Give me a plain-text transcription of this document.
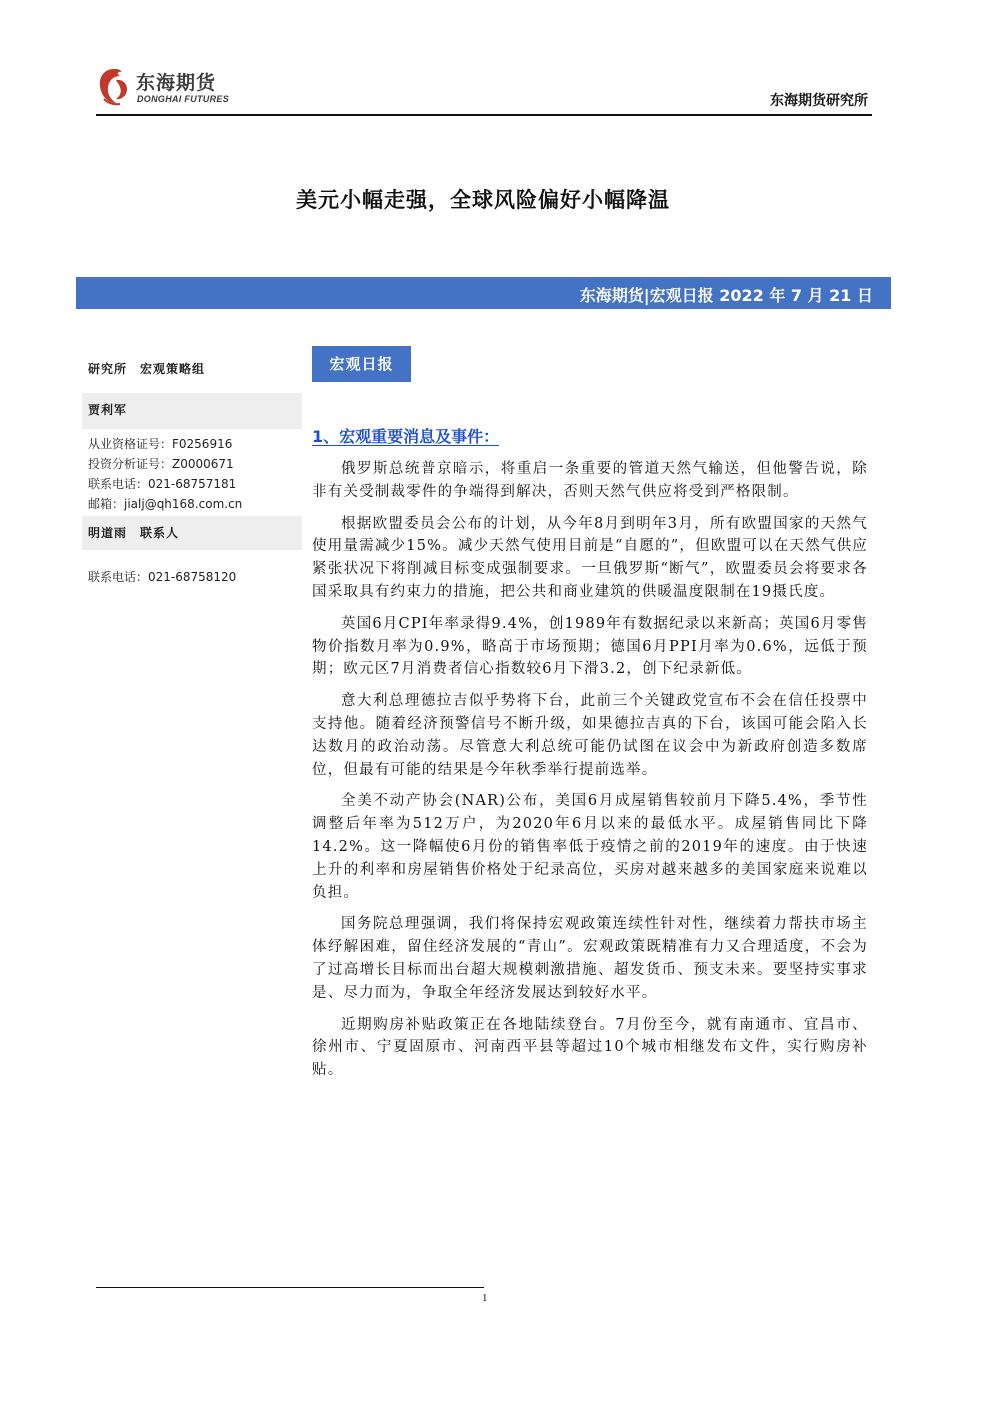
东海期货
DONGHAI FUTURES	东海期货研究所
美元小幅走强，全球风险偏好小幅降温
东海期货|宏观日报 2022 年 7 月 21 日
研究所　宏观策略组
贾利军
从业资格证号：F0256916
投资分析证号：Z0000671
联系电话：021-68757181
邮箱：jialj@qh168.com.cn
明道雨　联系人
联系电话：021-68758120
宏观日报
1、宏观重要消息及事件：

俄罗斯总统普京暗示，将重启一条重要的管道天然气输送，但他警告说，除非有关受制裁零件的争端得到解决，否则天然气供应将受到严格限制。

根据欧盟委员会公布的计划，从今年8月到明年3月，所有欧盟国家的天然气使用量需减少15%。减少天然气使用目前是“自愿的”，但欧盟可以在天然气供应紧张状况下将削减目标变成强制要求。一旦俄罗斯“断气”，欧盟委员会将要求各国采取具有约束力的措施，把公共和商业建筑的供暖温度限制在19摄氏度。

英国6月CPI年率录得9.4%，创1989年有数据纪录以来新高；英国6月零售物价指数月率为0.9%，略高于市场预期；德国6月PPI月率为0.6%，远低于预期；欧元区7月消费者信心指数较6月下滑3.2，创下纪录新低。

意大利总理德拉吉似乎势将下台，此前三个关键政党宣布不会在信任投票中支持他。随着经济预警信号不断升级，如果德拉吉真的下台，该国可能会陷入长达数月的政治动荡。尽管意大利总统可能仍试图在议会中为新政府创造多数席位，但最有可能的结果是今年秋季举行提前选举。

全美不动产协会(NAR)公布，美国6月成屋销售较前月下降5.4%，季节性调整后年率为512万户，为2020年6月以来的最低水平。成屋销售同比下降14.2%。这一降幅使6月份的销售率低于疫情之前的2019年的速度。由于快速上升的利率和房屋销售价格处于纪录高位，买房对越来越多的美国家庭来说难以负担。

国务院总理强调，我们将保持宏观政策连续性针对性，继续着力帮扶市场主体纾解困难，留住经济发展的“青山”。宏观政策既精准有力又合理适度，不会为了过高增长目标而出台超大规模刺激措施、超发货币、预支未来。要坚持实事求是、尽力而为，争取全年经济发展达到较好水平。

近期购房补贴政策正在各地陆续登台。7月份至今，就有南通市、宜昌市、徐州市、宁夏固原市、河南西平县等超过10个城市相继发布文件，实行购房补贴。

1
